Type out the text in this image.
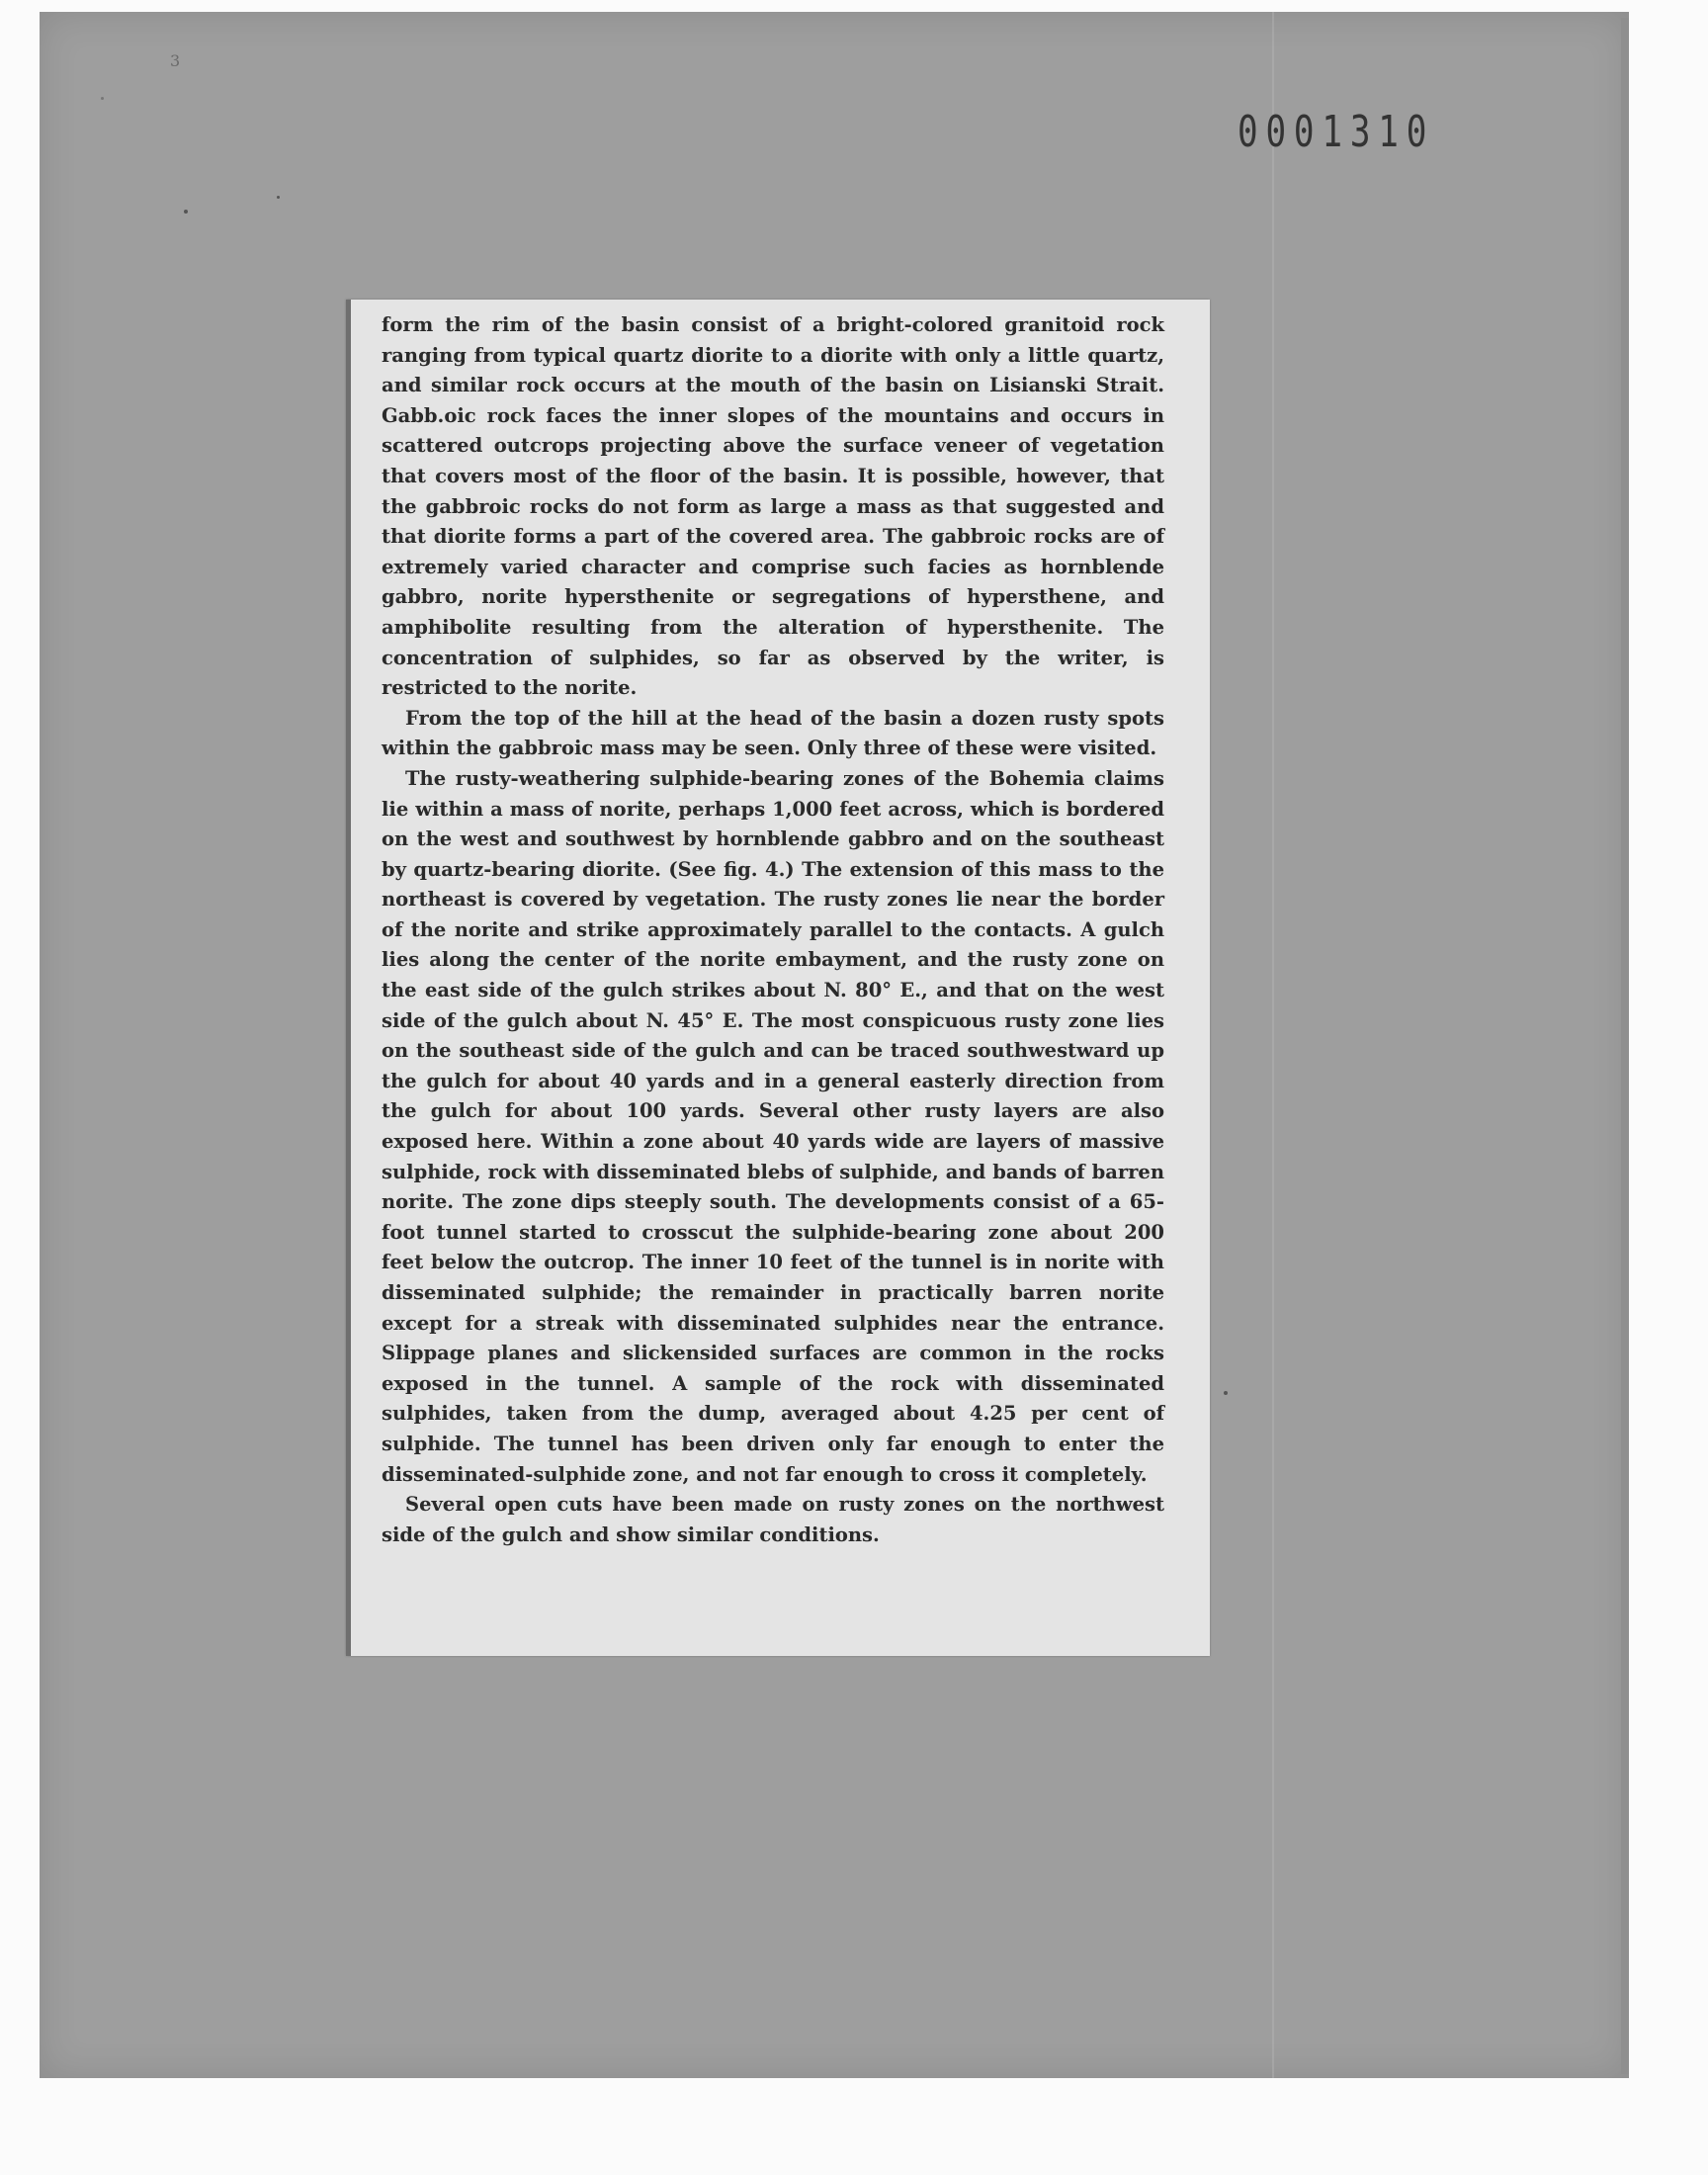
3
0001310

form the rim of the basin consist of a bright-colored granitoid rock ranging from typical quartz diorite to a diorite with only a little quartz, and similar rock occurs at the mouth of the basin on Lisianski Strait. Gabb.oic rock faces the inner slopes of the mountains and occurs in scattered outcrops projecting above the surface veneer of vegetation that covers most of the floor of the basin. It is possible, however, that the gabbroic rocks do not form as large a mass as that suggested and that diorite forms a part of the covered area. The gabbroic rocks are of extremely varied character and comprise such facies as hornblende gabbro, norite hypersthenite or segregations of hypersthene, and amphibolite resulting from the alteration of hypersthenite. The concentration of sulphides, so far as observed by the writer, is restricted to the norite.

From the top of the hill at the head of the basin a dozen rusty spots within the gabbroic mass may be seen. Only three of these were visited.

The rusty-weathering sulphide-bearing zones of the Bohemia claims lie within a mass of norite, perhaps 1,000 feet across, which is bordered on the west and southwest by hornblende gabbro and on the southeast by quartz-bearing diorite. (See fig. 4.) The extension of this mass to the northeast is covered by vegetation. The rusty zones lie near the border of the norite and strike approximately parallel to the contacts. A gulch lies along the center of the norite embayment, and the rusty zone on the east side of the gulch strikes about N. 80° E., and that on the west side of the gulch about N. 45° E. The most conspicuous rusty zone lies on the southeast side of the gulch and can be traced southwestward up the gulch for about 40 yards and in a general easterly direction from the gulch for about 100 yards. Several other rusty layers are also exposed here. Within a zone about 40 yards wide are layers of massive sulphide, rock with disseminated blebs of sulphide, and bands of barren norite. The zone dips steeply south. The developments consist of a 65-foot tunnel started to crosscut the sulphide-bearing zone about 200 feet below the outcrop. The inner 10 feet of the tunnel is in norite with disseminated sulphide; the remainder in practically barren norite except for a streak with disseminated sulphides near the entrance. Slippage planes and slickensided surfaces are common in the rocks exposed in the tunnel. A sample of the rock with disseminated sulphides, taken from the dump, averaged about 4.25 per cent of sulphide. The tunnel has been driven only far enough to enter the disseminated-sulphide zone, and not far enough to cross it completely.

Several open cuts have been made on rusty zones on the northwest side of the gulch and show similar conditions.
